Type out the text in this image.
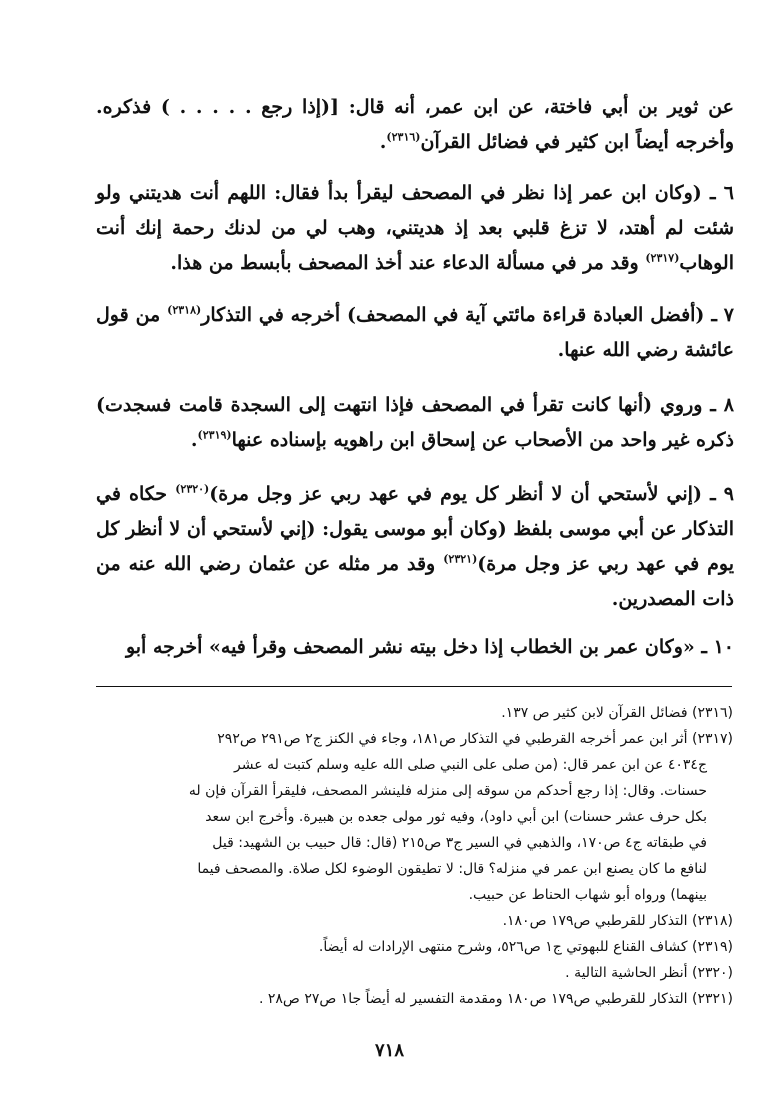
عن ثوير بن أبي فاختة، عن ابن عمر، أنه قال: [(إذا رجع . . . . . ) فذكره. وأخرجه أيضاً ابن كثير في فضائل القرآن$^{(٢٣١٦)}$.

٦ ـ (وكان ابن عمر إذا نظر في المصحف ليقرأ بدأ فقال: اللهم أنت هديتني ولو شئت لم أهتد، لا تزغ قلبي بعد إذ هديتني، وهب لي من لدنك رحمة إنك أنت الوهاب$^{(٢٣١٧)}$ وقد مر في مسألة الدعاء عند أخذ المصحف بأبسط من هذا.

٧ ـ (أفضل العبادة قراءة مائتي آية في المصحف) أخرجه في التذكار$^{(٢٣١٨)}$ من قول عائشة رضي الله عنها.

٨ ـ وروي (أنها كانت تقرأ في المصحف فإذا انتهت إلى السجدة قامت فسجدت) ذكره غير واحد من الأصحاب عن إسحاق ابن راهويه بإسناده عنها$^{(٢٣١٩)}$.

٩ ـ (إني لأستحي أن لا أنظر كل يوم في عهد ربي عز وجل مرة)$^{(٢٣٢٠)}$ حكاه في التذكار عن أبي موسى بلفظ (وكان أبو موسى يقول: (إني لأستحي أن لا أنظر كل يوم في عهد ربي عز وجل مرة)$^{(٢٣٢١)}$ وقد مر مثله عن عثمان رضي الله عنه من ذات المصدرين.

١٠ ـ «وكان عمر بن الخطاب إذا دخل بيته نشر المصحف وقرأ فيه» أخرجه أبو

(٢٣١٦) فضائل القرآن لابن كثير ص ١٣٧.
(٢٣١٧) أثر ابن عمر أخرجه القرطبي في التذكار ص١٨١، وجاء في الكنز ج٢ ص٢٩١ ص٢٩٢
ج٤٠٣٤ عن ابن عمر قال: (من صلى على النبي صلى الله عليه وسلم كتبت له عشر
حسنات. وقال: إذا رجع أحدكم من سوقه إلى منزله فلينشر المصحف، فليقرأ القرآن فإن له
بكل حرف عشر حسنات) ابن أبي داود)، وفيه ثور مولى جعده بن هبيرة. وأخرج ابن سعد
في طبقاته ج٤ ص١٧٠، والذهبي في السير ج٣ ص٢١٥ (قال: قال حبيب بن الشهيد: قيل
لنافع ما كان يصنع ابن عمر في منزله؟ قال: لا تطيقون الوضوء لكل صلاة. والمصحف فيما
بينهما) ورواه أبو شهاب الحناط عن حبيب.
(٢٣١٨) التذكار للقرطبي ص١٧٩ ص١٨٠.
(٢٣١٩) كشاف القناع للبهوتي ج١ ص٥٢٦، وشرح منتهى الإرادات له أيضاً.
(٢٣٢٠) أنظر الحاشية التالية .
(٢٣٢١) التذكار للقرطبي ص١٧٩ ص١٨٠ ومقدمة التفسير له أيضاً جا١ ص٢٧ ص٢٨ .
٧١٨
